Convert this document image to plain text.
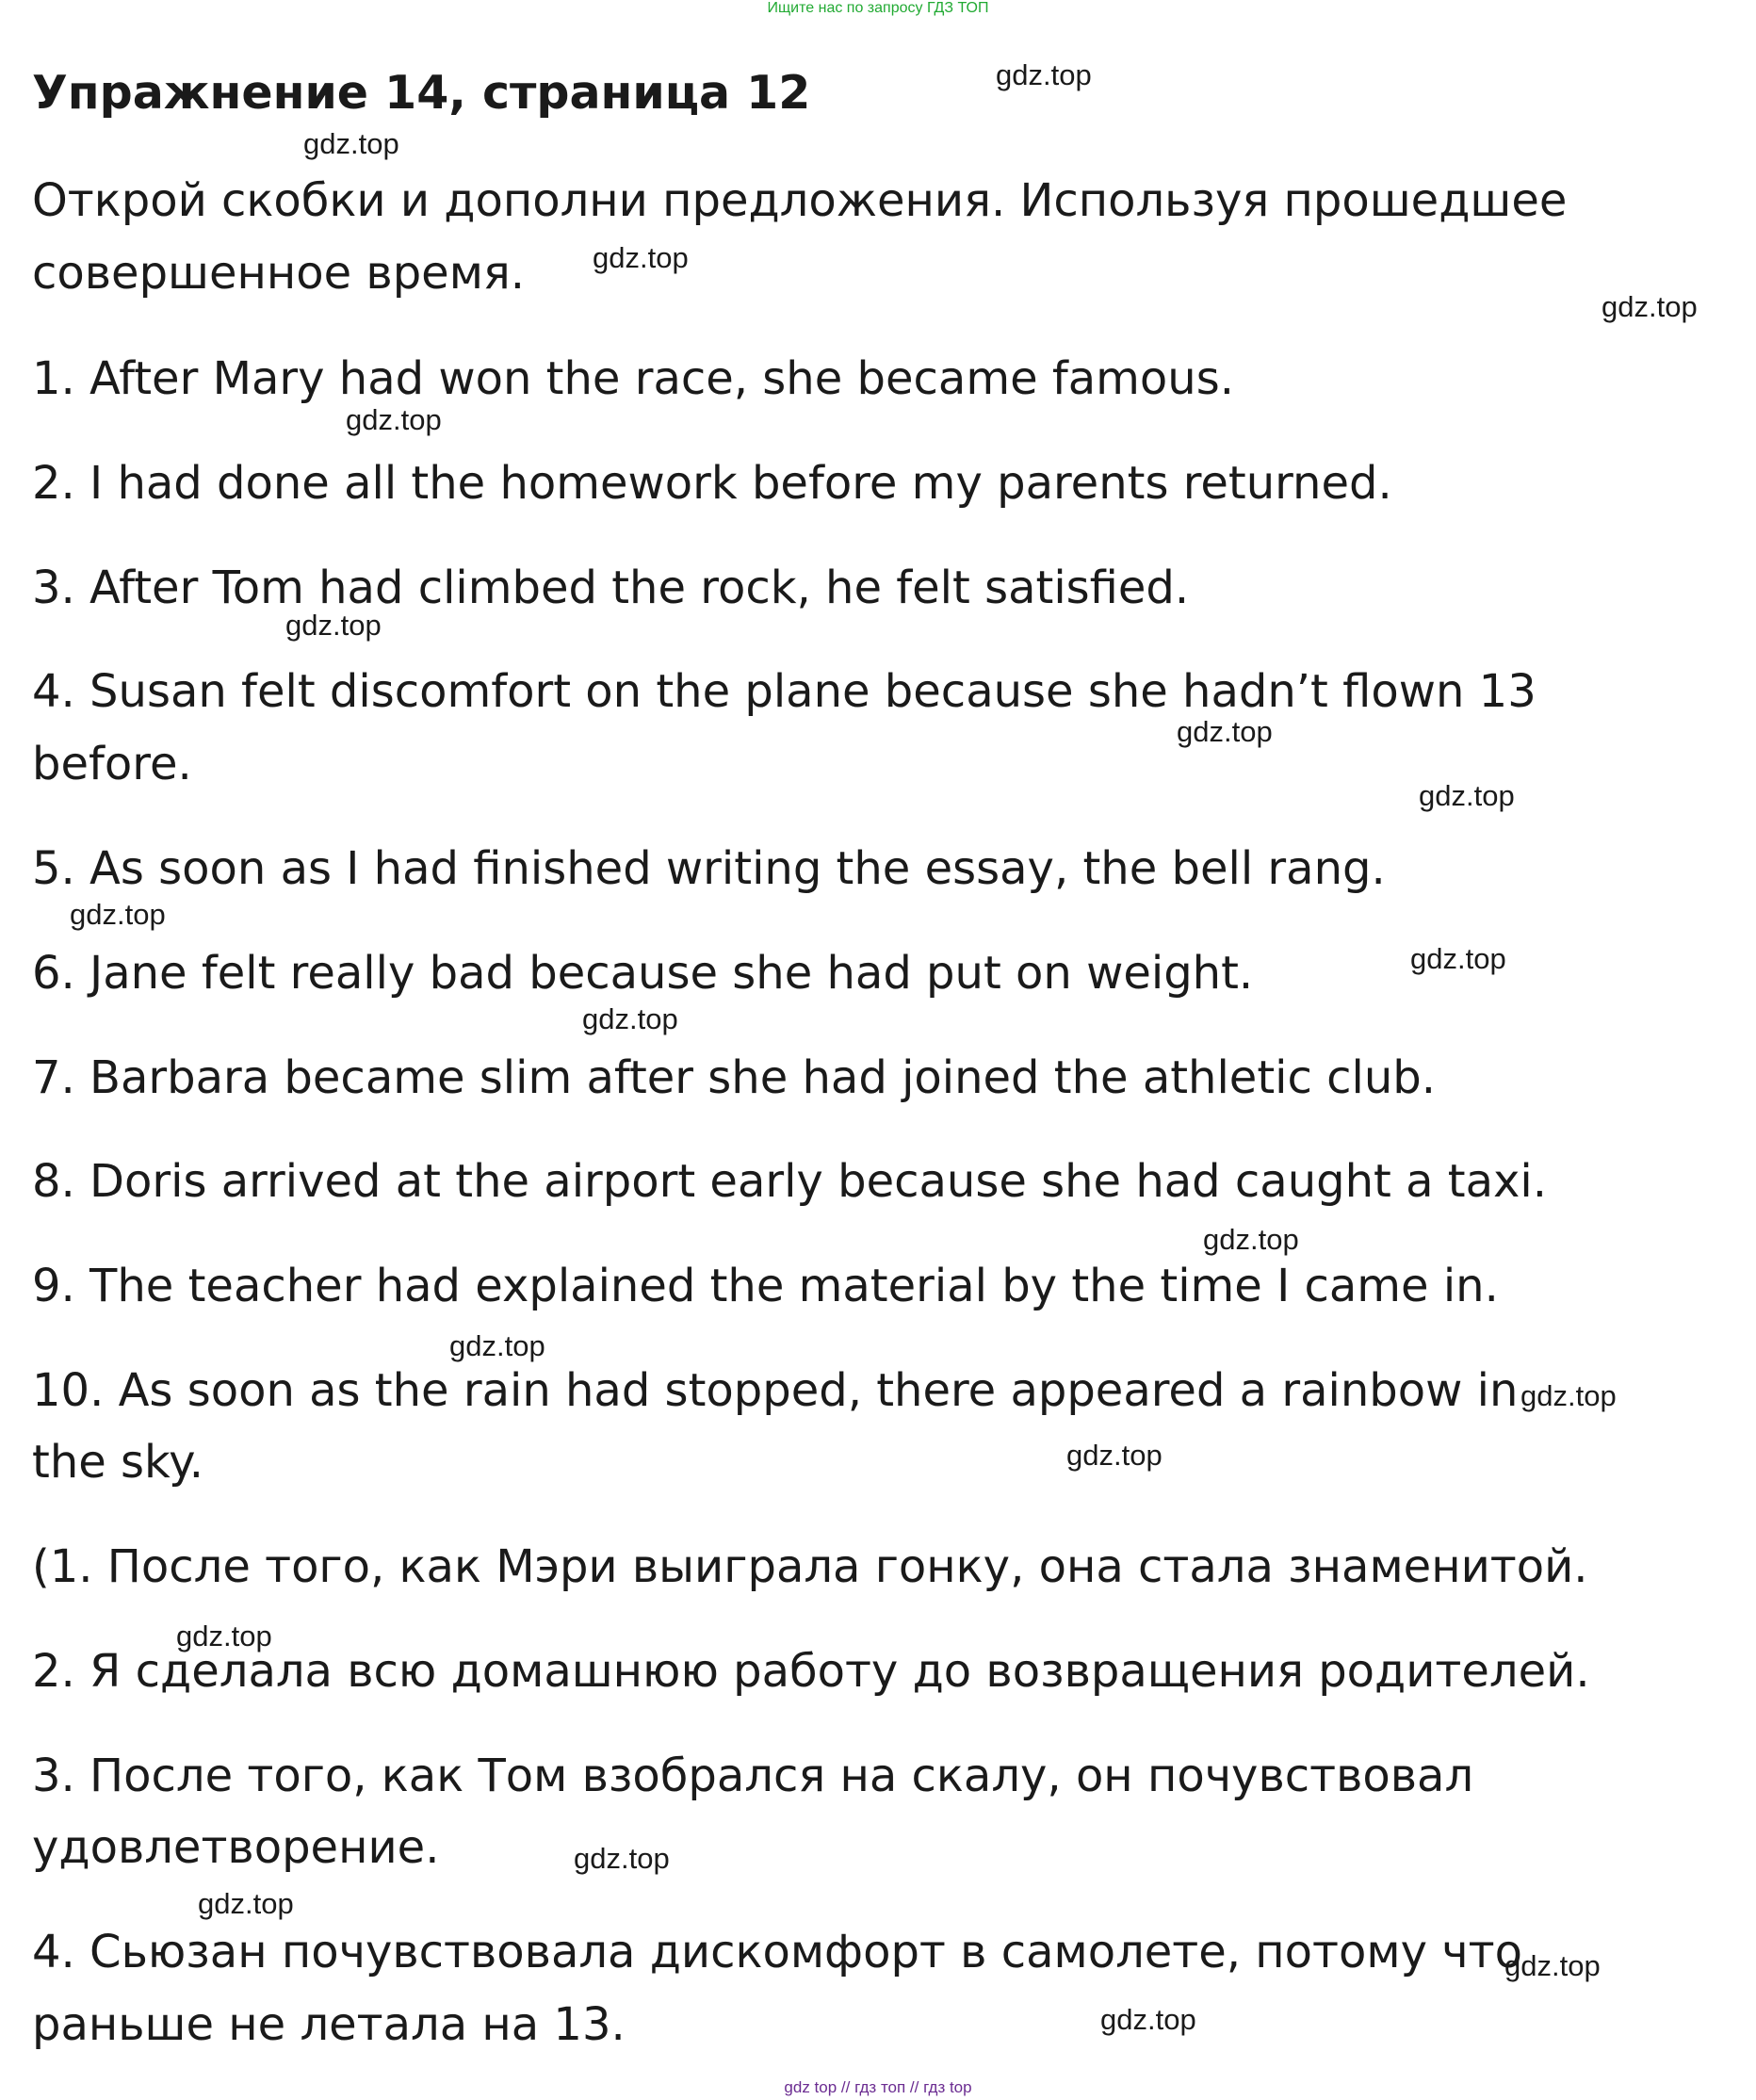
Ищите нас по запросу ГДЗ ТОП
Упражнение 14, страница 12
Открой скобки и дополни предложения. Используя прошедшее
совершенное время.
1. After Mary had won the race, she became famous.
2. I had done all the homework before my parents returned.
3. After Tom had climbed the rock, he felt satisfied.
4. Susan felt discomfort on the plane because she hadn’t flown 13
before.
5. As soon as I had finished writing the essay, the bell rang.
6. Jane felt really bad because she had put on weight.
7. Barbara became slim after she had joined the athletic club.
8. Doris arrived at the airport early because she had caught a taxi.
9. The teacher had explained the material by the time I came in.
10. As soon as the rain had stopped, there appeared a rainbow in
the sky.
(1. После того, как Мэри выиграла гонку, она стала знаменитой.
2. Я сделала всю домашнюю работу до возвращения родителей.
3. После того, как Том взобрался на скалу, он почувствовал
удовлетворение.
4. Сьюзан почувствовала дискомфорт в самолете, потому что
раньше не летала на 13.
gdz.top
gdz.top
gdz.top
gdz.top
gdz.top
gdz.top
gdz.top
gdz.top
gdz.top
gdz.top
gdz.top
gdz.top
gdz.top
gdz.top
gdz.top
gdz.top
gdz.top
gdz.top
gdz.top
gdz.top
gdz top // гдз топ // гдз top
